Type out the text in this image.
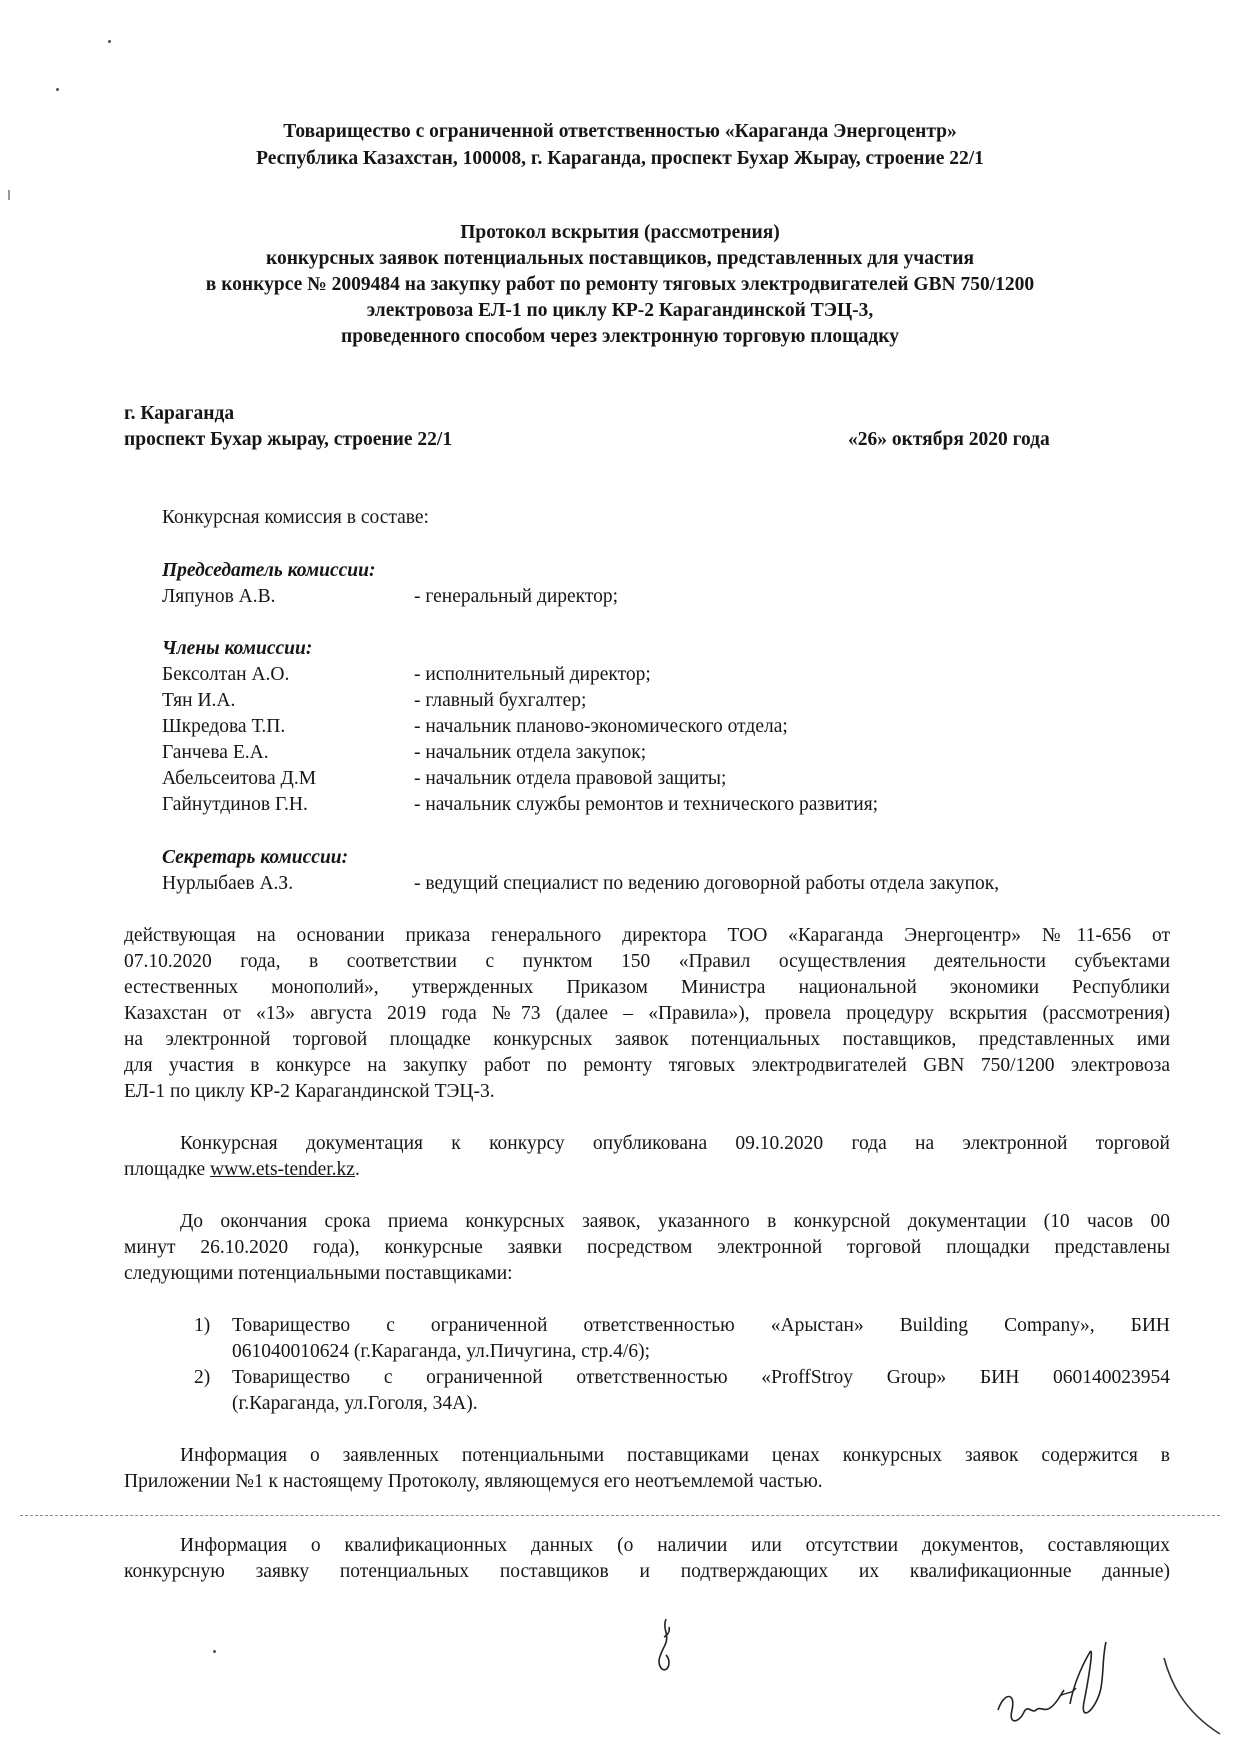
Товарищество с ограниченной ответственностью «Караганда Энергоцентр»
Республика Казахстан, 100008, г. Караганда, проспект Бухар Жырау, строение 22/1
Протокол вскрытия (рассмотрения)
конкурсных заявок потенциальных поставщиков, представленных для участия
в конкурсе № 2009484 на закупку работ по ремонту тяговых электродвигателей GBN 750/1200
электровоза ЕЛ-1 по циклу КР-2 Карагандинской ТЭЦ-3,
проведенного способом через электронную торговую площадку
г. Караганда
проспект Бухар жырау, строение 22/1	«26» октября 2020 года
Конкурсная комиссия в составе:
Председатель комиссии:
Ляпунов А.В.	- генеральный директор;
Члены комиссии:
Бексолтан А.О.	- исполнительный директор;
Тян И.А.	- главный бухгалтер;
Шкредова Т.П.	- начальник планово-экономического отдела;
Ганчева Е.А.	- начальник отдела закупок;
Абельсеитова Д.М	- начальник отдела правовой защиты;
Гайнутдинов Г.Н.	- начальник службы ремонтов и технического развития;
Секретарь комиссии:
Нурлыбаев А.З.	- ведущий специалист по ведению договорной работы отдела закупок,
действующая на основании приказа генерального директора ТОО «Караганда Энергоцентр» №11-656 от
07.10.2020 года, в соответствии с пунктом 150 «Правил осуществления деятельности субъектами
естественных монополий», утвержденных Приказом Министра национальной экономики Республики
Казахстан от «13» августа 2019 года №73 (далее – «Правила»), провела процедуру вскрытия (рассмотрения)
на электронной торговой площадке конкурсных заявок потенциальных поставщиков, представленных ими
для участия в конкурсе на закупку работ по ремонту тяговых электродвигателей GBN 750/1200 электровоза
ЕЛ-1 по циклу КР-2 Карагандинской ТЭЦ-3.
Конкурсная документация к конкурсу опубликована 09.10.2020 года на электронной торговой
площадке www.ets-tender.kz.
До окончания срока приема конкурсных заявок, указанного в конкурсной документации (10 часов 00
минут 26.10.2020 года), конкурсные заявки посредством электронной торговой площадки представлены
следующими потенциальными поставщиками:
1) Товарищество с ограниченной ответственностью «Арыстан» Building Company», БИН
061040010624 (г.Караганда, ул.Пичугина, стр.4/6);
2) Товарищество с ограниченной ответственностью «ProffStroy Group» БИН 060140023954
(г.Караганда, ул.Гоголя, 34А).
Информация о заявленных потенциальными поставщиками ценах конкурсных заявок содержится в
Приложении №1 к настоящему Протоколу, являющемуся его неотъемлемой частью.
Информация о квалификационных данных (о наличии или отсутствии документов, составляющих
конкурсную заявку потенциальных поставщиков и подтверждающих их квалификационные данные)
